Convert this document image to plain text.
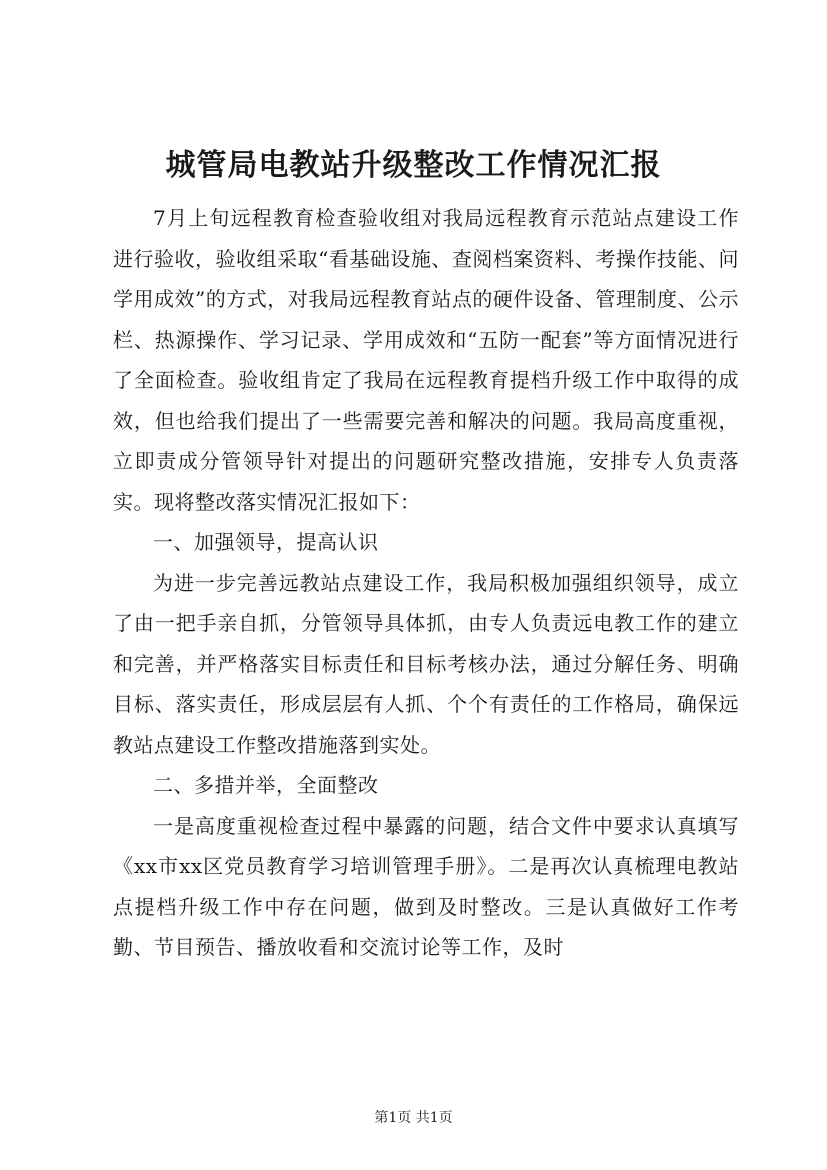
城管局电教站升级整改工作情况汇报

7月上旬远程教育检查验收组对我局远程教育示范站点建设工作进行验收，验收组采取“看基础设施、查阅档案资料、考操作技能、问学用成效”的方式，对我局远程教育站点的硬件设备、管理制度、公示栏、热源操作、学习记录、学用成效和“五防一配套”等方面情况进行了全面检查。验收组肯定了我局在远程教育提档升级工作中取得的成效，但也给我们提出了一些需要完善和解决的问题。我局高度重视，立即责成分管领导针对提出的问题研究整改措施，安排专人负责落实。现将整改落实情况汇报如下：

一、加强领导，提高认识

为进一步完善远教站点建设工作，我局积极加强组织领导，成立了由一把手亲自抓，分管领导具体抓，由专人负责远电教工作的建立和完善，并严格落实目标责任和目标考核办法，通过分解任务、明确目标、落实责任，形成层层有人抓、个个有责任的工作格局，确保远教站点建设工作整改措施落到实处。

二、多措并举，全面整改

一是高度重视检查过程中暴露的问题，结合文件中要求认真填写《xx市xx区党员教育学习培训管理手册》。二是再次认真梳理电教站点提档升级工作中存在问题，做到及时整改。三是认真做好工作考勤、节目预告、播放收看和交流讨论等工作，及时

第1页 共1页
